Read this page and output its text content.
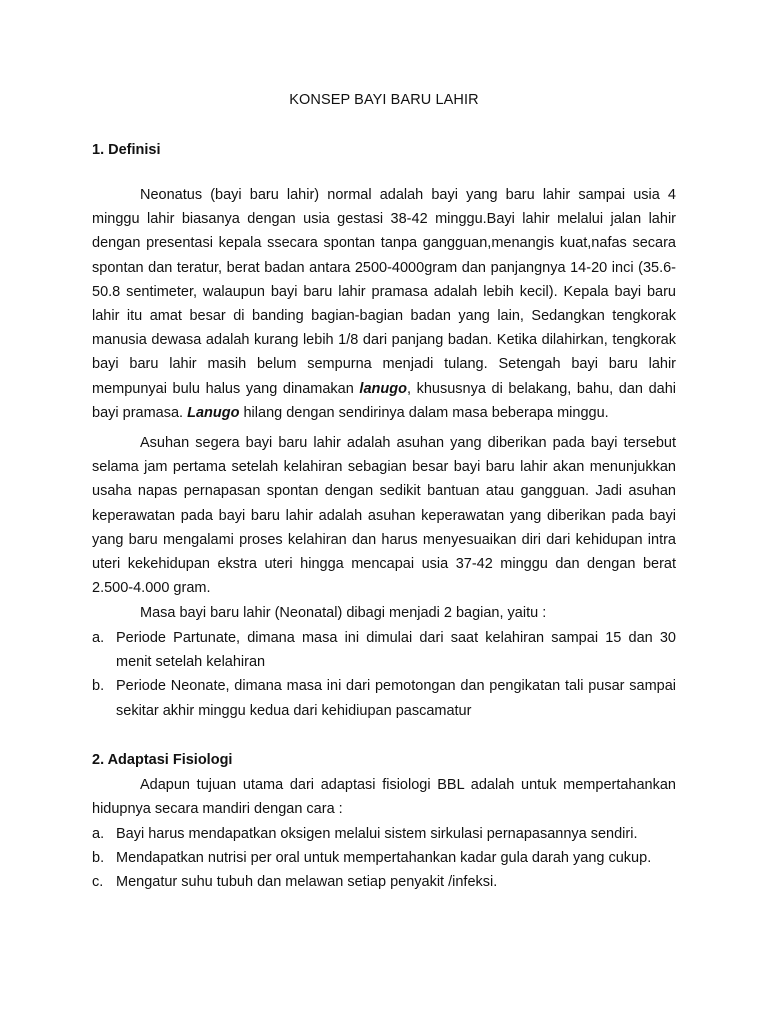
KONSEP BAYI BARU LAHIR
1. Definisi

Neonatus (bayi baru lahir) normal adalah bayi yang baru lahir sampai usia 4 minggu lahir biasanya dengan usia gestasi 38-42 minggu.Bayi lahir melalui jalan lahir dengan presentasi kepala ssecara spontan tanpa gangguan,menangis kuat,nafas secara spontan dan teratur, berat badan antara 2500-4000gram dan panjangnya 14-20 inci (35.6-50.8 sentimeter, walaupun bayi baru lahir pramasa adalah lebih kecil). Kepala bayi baru lahir itu amat besar di banding bagian-bagian badan yang lain, Sedangkan tengkorak manusia dewasa adalah kurang lebih 1/8 dari panjang badan. Ketika dilahirkan, tengkorak bayi baru lahir masih belum sempurna menjadi tulang. Setengah bayi baru lahir mempunyai bulu halus yang dinamakan lanugo, khususnya di belakang, bahu, dan dahi bayi pramasa. Lanugo hilang dengan sendirinya dalam masa beberapa minggu.

Asuhan segera bayi baru lahir adalah asuhan yang diberikan pada bayi tersebut selama jam pertama setelah kelahiran sebagian besar bayi baru lahir akan menunjukkan usaha napas pernapasan spontan dengan sedikit bantuan atau gangguan. Jadi asuhan keperawatan pada bayi baru lahir adalah asuhan keperawatan yang diberikan pada bayi yang baru mengalami proses kelahiran dan harus menyesuaikan diri dari kehidupan intra uteri kekehidupan ekstra uteri hingga mencapai usia 37-42 minggu dan dengan berat 2.500-4.000 gram.

Masa bayi baru lahir (Neonatal) dibagi menjadi 2 bagian, yaitu :

a. Periode Partunate, dimana masa ini dimulai dari saat kelahiran sampai 15 dan 30 menit setelah kelahiran
b. Periode Neonate, dimana masa ini dari pemotongan dan pengikatan tali pusar sampai sekitar akhir minggu kedua dari kehidiupan pascamatur
2. Adaptasi Fisiologi

Adapun tujuan utama dari adaptasi fisiologi BBL adalah untuk mempertahankan hidupnya secara mandiri dengan cara :

a. Bayi harus mendapatkan oksigen melalui sistem sirkulasi pernapasannya sendiri.
b. Mendapatkan nutrisi per oral untuk mempertahankan kadar gula darah yang cukup.
c. Mengatur suhu tubuh dan melawan setiap penyakit /infeksi.
